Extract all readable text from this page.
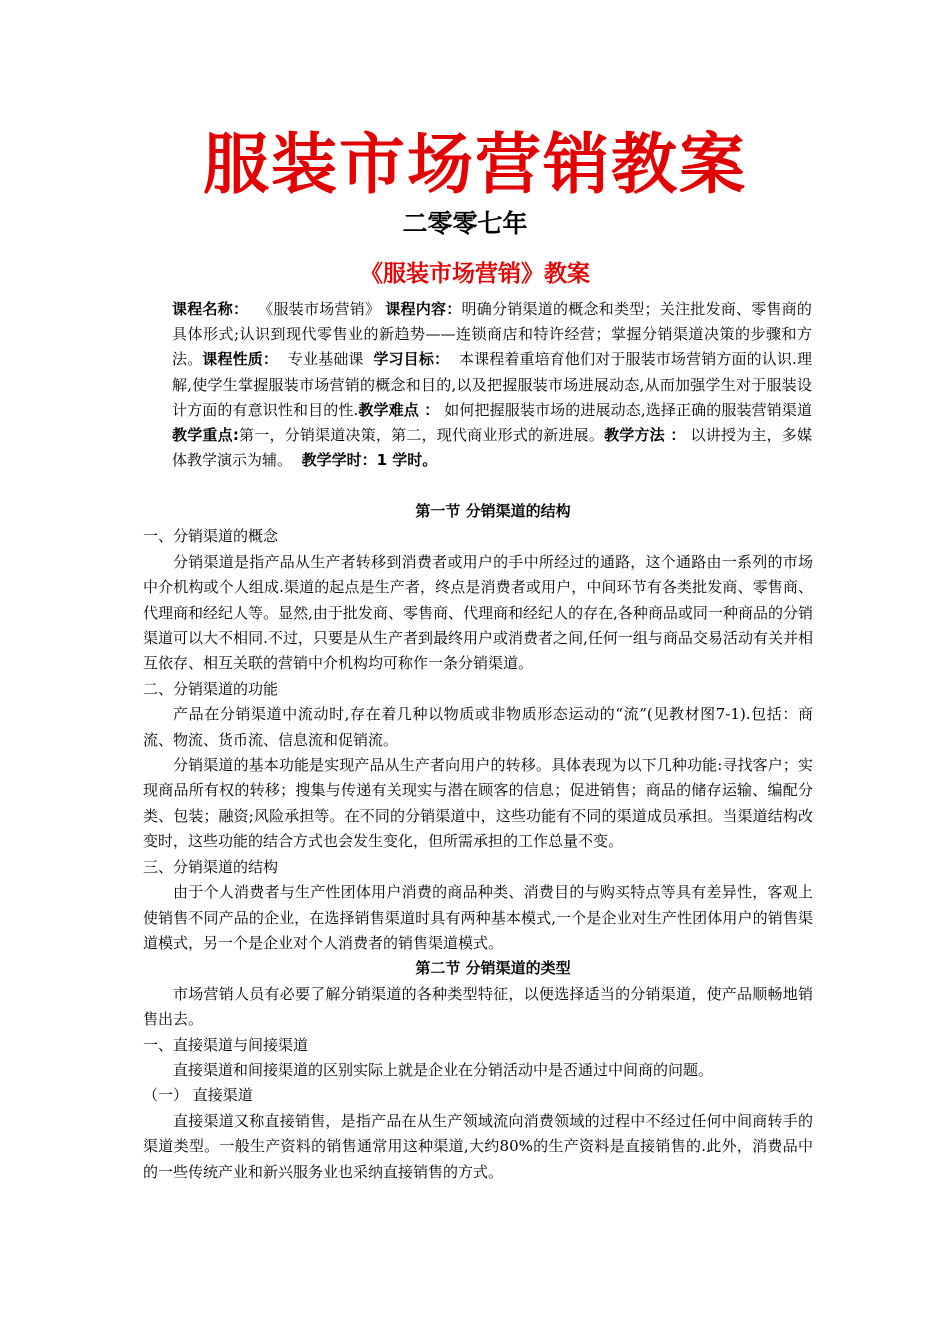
服装市场营销教案
二零零七年
《服装市场营销》教案
课程名称： 《服装市场营销》 课程内容：明确分销渠道的概念和类型；关注批发商、零售商的具体形式;认识到现代零售业的新趋势——连锁商店和特许经营；掌握分销渠道决策的步骤和方法。课程性质： 专业基础课 学习目标： 本课程着重培育他们对于服装市场营销方面的认识.理解,使学生掌握服装市场营销的概念和目的,以及把握服装市场进展动态,从而加强学生对于服装设计方面的有意识性和目的性.教学难点 ： 如何把握服装市场的进展动态,选择正确的服装营销渠道教学重点:第一，分销渠道决策，第二，现代商业形式的新进展。教学方法 ： 以讲授为主，多媒体教学演示为辅。 教学学时：1 学时。

第一节 分销渠道的结构

一、分销渠道的概念

分销渠道是指产品从生产者转移到消费者或用户的手中所经过的通路，这个通路由一系列的市场中介机构或个人组成.渠道的起点是生产者，终点是消费者或用户，中间环节有各类批发商、零售商、代理商和经纪人等。显然,由于批发商、零售商、代理商和经纪人的存在,各种商品或同一种商品的分销渠道可以大不相同.不过，只要是从生产者到最终用户或消费者之间,任何一组与商品交易活动有关并相互依存、相互关联的营销中介机构均可称作一条分销渠道。

二、分销渠道的功能

产品在分销渠道中流动时,存在着几种以物质或非物质形态运动的“流”(见教材图7-1).包括：商流、物流、货币流、信息流和促销流。

分销渠道的基本功能是实现产品从生产者向用户的转移。具体表现为以下几种功能:寻找客户；实现商品所有权的转移；搜集与传递有关现实与潜在顾客的信息；促进销售；商品的储存运输、编配分类、包装；融资;风险承担等。在不同的分销渠道中，这些功能有不同的渠道成员承担。当渠道结构改变时，这些功能的结合方式也会发生变化，但所需承担的工作总量不变。

三、分销渠道的结构

由于个人消费者与生产性团体用户消费的商品种类、消费目的与购买特点等具有差异性，客观上使销售不同产品的企业，在选择销售渠道时具有两种基本模式,一个是企业对生产性团体用户的销售渠道模式，另一个是企业对个人消费者的销售渠道模式。

第二节 分销渠道的类型

市场营销人员有必要了解分销渠道的各种类型特征，以便选择适当的分销渠道，使产品顺畅地销售出去。

一、直接渠道与间接渠道

直接渠道和间接渠道的区别实际上就是企业在分销活动中是否通过中间商的问题。

（一） 直接渠道

直接渠道又称直接销售，是指产品在从生产领域流向消费领域的过程中不经过任何中间商转手的渠道类型。一般生产资料的销售通常用这种渠道,大约80%的生产资料是直接销售的.此外，消费品中的一些传统产业和新兴服务业也采纳直接销售的方式。
